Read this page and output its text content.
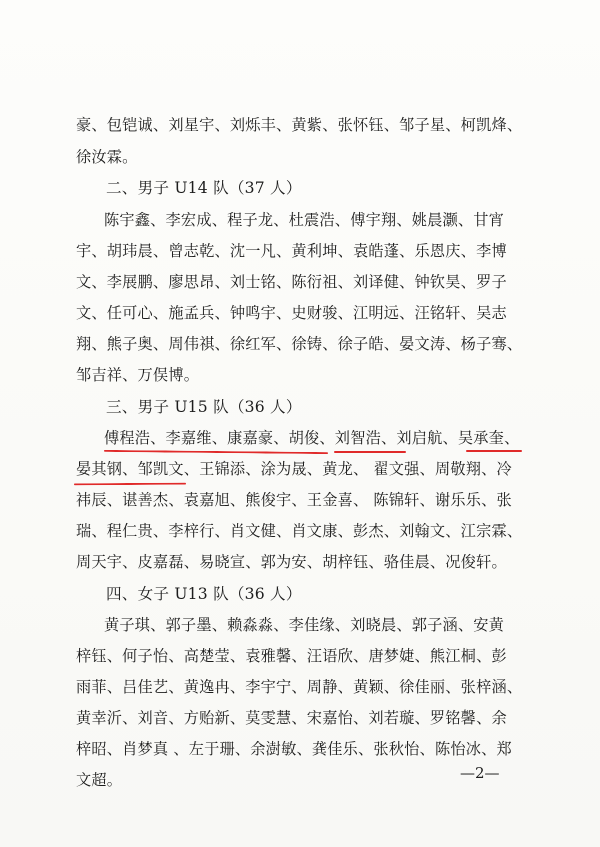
豪、包铠诚、刘星宇、刘烁丰、黄紫、张怀钰、邹子星、柯凯烽、
徐汝霖。
二、男子 U14 队（37 人）
陈宇鑫、李宏成、程子龙、杜震浩、傅宇翔、姚晨灏、甘宵
宇、胡玮晨、曾志乾、沈一凡、黄利坤、袁皓蓬、乐恩庆、李博
文、李展鹏、廖思昂、刘士铭、陈衍祖、刘译健、钟钦昊、罗子
文、任可心、施孟兵、钟鸣宇、史财骏、江明远、汪铭轩、吴志
翔、熊子奥、周伟祺、徐红军、徐铸、徐子皓、晏文涛、杨子骞、
邹吉祥、万俣博。
三、男子 U15 队（36 人）
傅程浩、李嘉维、康嘉豪、胡俊、刘智浩、刘启航、吴承奎、
晏其钢、邹凯文、王锦添、涂为晟、黄龙、 翟文强、周敬翔、冷
祎辰、谌善杰、袁嘉旭、熊俊宇、王金喜、 陈锦轩、谢乐乐、张
瑞、程仁贵、李梓行、肖文健、肖文康、彭杰、刘翰文、江宗霖、
周天宇、皮嘉磊、易晓宣、郭为安、胡梓钰、骆佳晨、况俊轩。
四、女子 U13 队（36 人）
黄子琪、郭子墨、赖淼淼、李佳缘、刘晓晨、郭子涵、安黄
梓钰、何子怡、高楚莹、袁雅馨、汪语欣、唐梦婕、熊江桐、彭
雨菲、吕佳艺、黄逸冉、李宇宁、周静、黄颖、徐佳丽、张梓涵、
黄幸沂、刘音、方贻新、莫雯慧、宋嘉怡、刘若璇、罗铭馨、余
梓昭、肖梦真 、左于珊、余澍敏、龚佳乐、张秋怡、陈怡冰、郑
文超。	—2—
